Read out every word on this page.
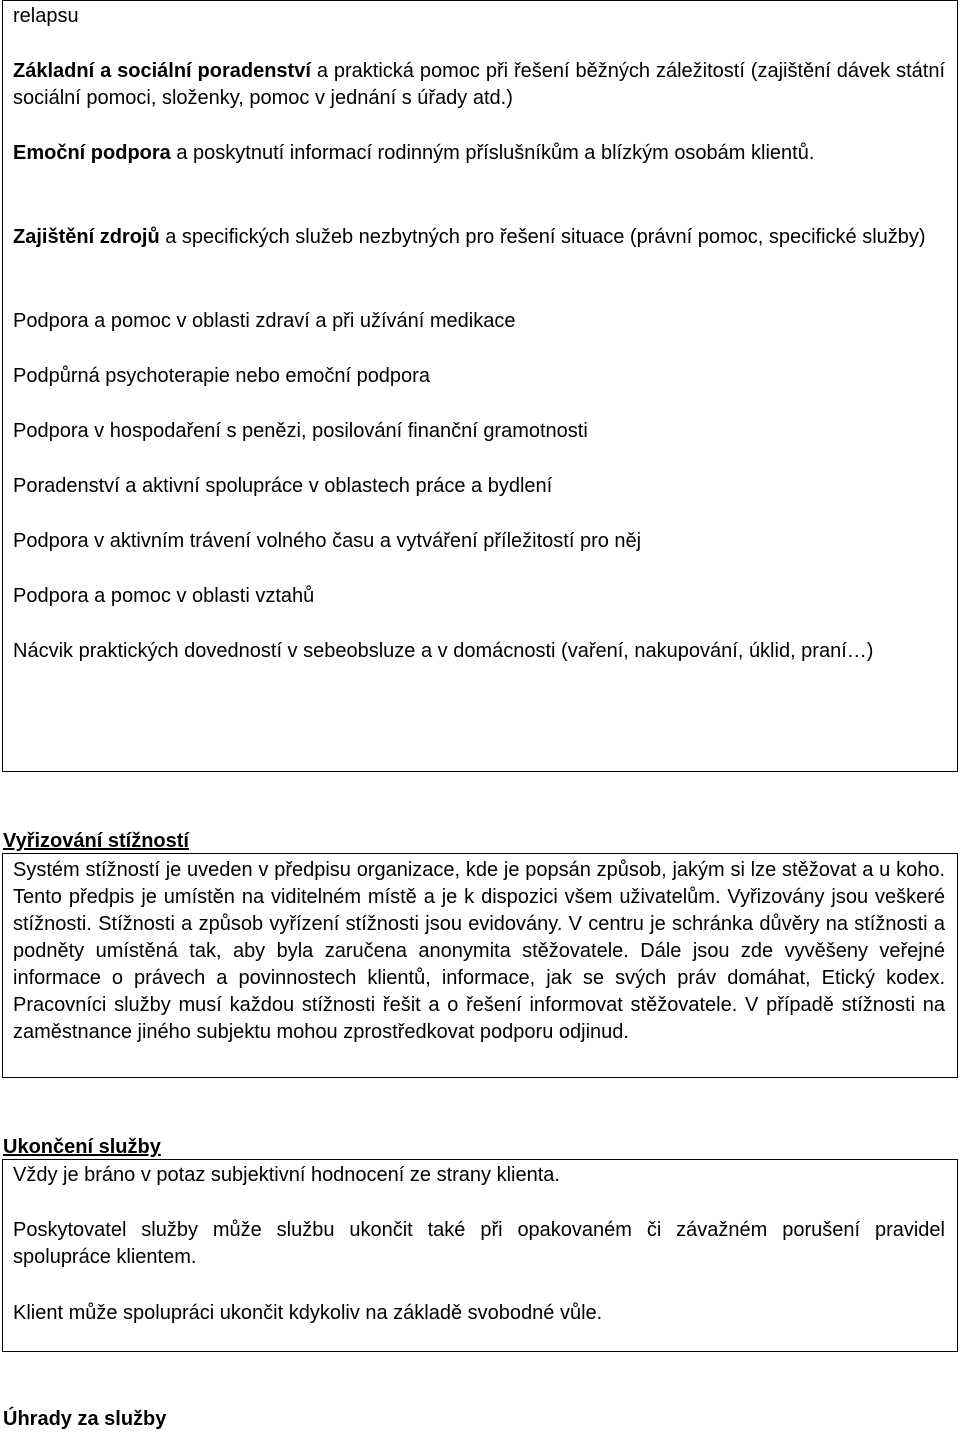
relapsu

Základní a sociální poradenství a praktická pomoc při řešení běžných záležitostí (zajištění dávek státní sociální pomoci, složenky, pomoc v jednání s úřady atd.)

Emoční podpora a poskytnutí informací rodinným příslušníkům a blízkým osobám klientů.

Zajištění zdrojů a specifických služeb nezbytných pro řešení situace (právní pomoc, specifické služby)

Podpora a pomoc v oblasti zdraví a při užívání medikace

Podpůrná psychoterapie nebo emoční podpora

Podpora v hospodaření s penězi, posilování finanční gramotnosti

Poradenství a aktivní spolupráce v oblastech práce a bydlení

Podpora v aktivním trávení volného času a vytváření příležitostí pro něj

Podpora a pomoc v oblasti vztahů

Nácvik praktických dovedností v sebeobsluze a v domácnosti (vaření, nakupování, úklid, praní…)

Vyřizování stížností

Systém stížností je uveden v předpisu organizace, kde je popsán způsob, jakým si lze stěžovat a u koho. Tento předpis je umístěn na viditelném místě a je k dispozici všem uživatelům. Vyřizovány jsou veškeré stížnosti. Stížnosti a způsob vyřízení stížnosti jsou evidovány. V centru je schránka důvěry na stížnosti a podněty umístěná tak, aby byla zaručena anonymita stěžovatele. Dále jsou zde vyvěšeny veřejné informace o právech a povinnostech klientů, informace, jak se svých práv domáhat, Etický kodex. Pracovníci služby musí každou stížnosti řešit a o řešení informovat stěžovatele. V případě stížnosti na zaměstnance jiného subjektu mohou zprostředkovat podporu odjinud.

Ukončení služby

Vždy je bráno v potaz subjektivní hodnocení ze strany klienta.

Poskytovatel služby může službu ukončit také při opakovaném či závažném porušení pravidel spolupráce klientem.

Klient může spolupráci ukončit kdykoliv na základě svobodné vůle.

Úhrady za služby
